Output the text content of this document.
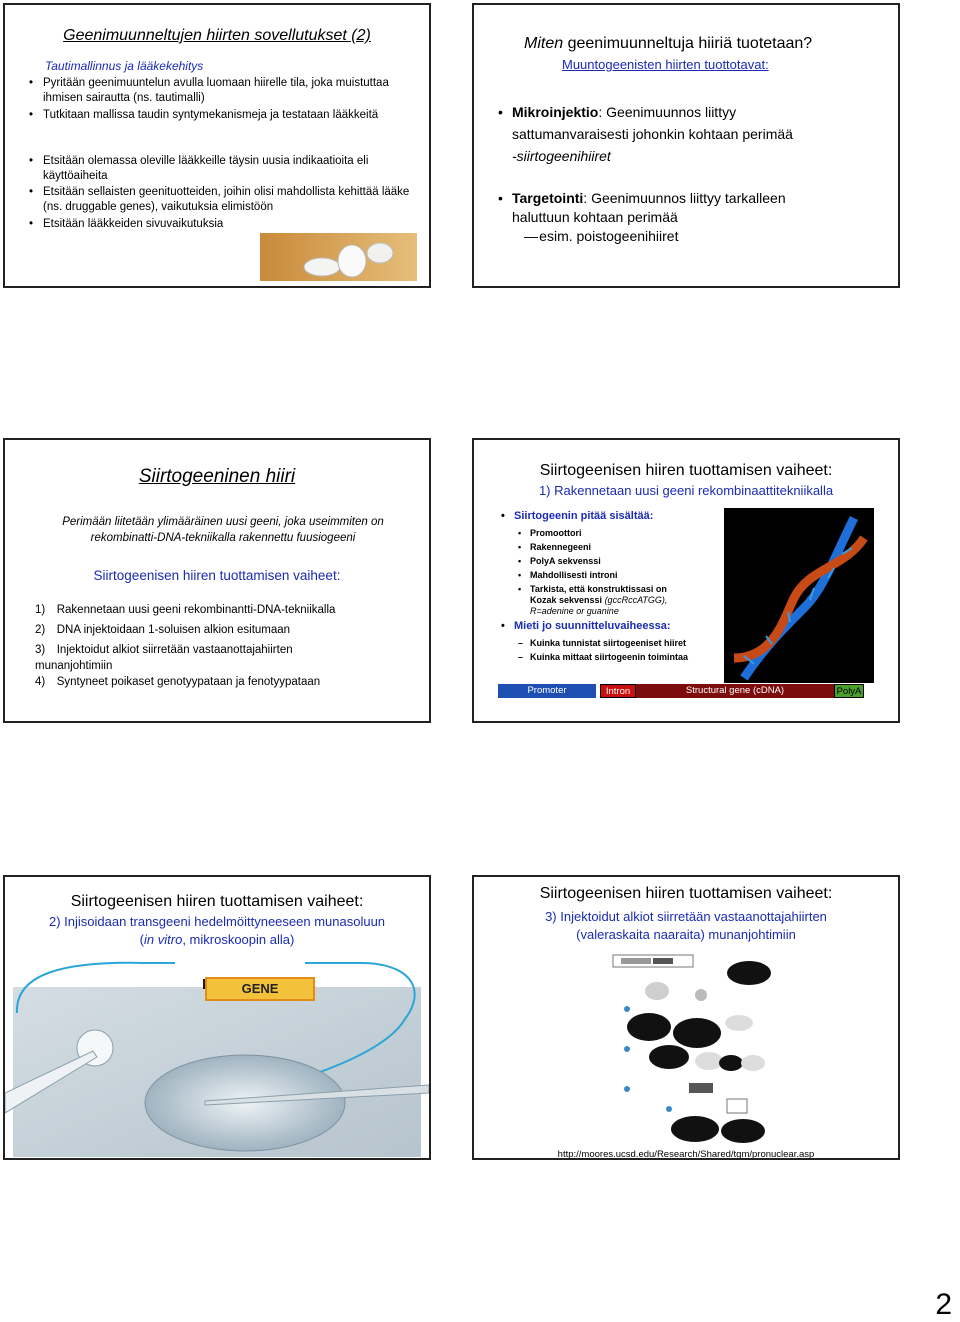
Geenimuunneltujen hiirten sovellutukset (2)
Tautimallinnus ja lääkekehitys
• Pyritään geenimuuntelun avulla luomaan hiirelle tila, joka muistuttaa ihmisen sairautta (ns. tautimalli)
• Tutkitaan mallissa taudin syntymekanismeja ja testataan lääkkeitä
• Etsitään olemassa oleville lääkkeille täysin uusia indikaatioita eli käyttöaiheita
• Etsitään sellaisten geenituotteiden, joihin olisi mahdollista kehittää lääke (ns. druggable genes), vaikutuksia elimistöön
• Etsitään lääkkeiden sivuvaikutuksia
Miten geenimuunneltuja hiiriä tuotetaan?
Muuntogeenisten hiirten tuottotavat:
• Mikroinjektio: Geenimuunnos liittyy
sattumanvaraisesti johonkin kohtaan perimää
-siirtogeenihiiret
• Targetointi: Geenimuunnos liittyy tarkalleen
haluttuun kohtaan perimää
— esim. poistogeenihiiret
Siirtogeeninen hiiri
Perimään liitetään ylimääräinen uusi geeni, joka useimmiten on rekombinatti-DNA-tekniikalla rakennettu fuusiogeeni
Siirtogeenisen hiiren tuottamisen vaiheet:
1) Rakennetaan uusi geeni rekombinantti-DNA-tekniikalla
2) DNA injektoidaan 1-soluisen alkion esitumaan
3) Injektoidut alkiot siirretään vastaanottajahiirten munanjohtimiin
4) Syntyneet poikaset genotyypataan ja fenotyypataan
Siirtogeenisen hiiren tuottamisen vaiheet:
1) Rakennetaan uusi geeni rekombinaattitekniikalla
• Siirtogeenin pitää sisältää:
• Promoottori
• Rakennegeeni
• PolyA sekvenssi
• Mahdollisesti introni
• Tarkista, että konstruktissasi on
Kozak sekvenssi (gccRccATGG),
R=adenine or guanine
• Mieti jo suunnitteluvaiheessa:
– Kuinka tunnistat siirtogeeniset hiiret
– Kuinka mittaat siirtogeenin toimintaa
Promoter	Intron	Structural gene (cDNA)	PolyA
Siirtogeenisen hiiren tuottamisen vaiheet:
2) Injisoidaan transgeeni hedelmöittyneeseen munasoluun
(in vitro, mikroskoopin alla)
GENE
Siirtogeenisen hiiren tuottamisen vaiheet:
3) Injektoidut alkiot siirretään vastaanottajahiirten
(valeraskaita naaraita) munanjohtimiin
http://moores.ucsd.edu/Research/Shared/tgm/pronuclear.asp
2
